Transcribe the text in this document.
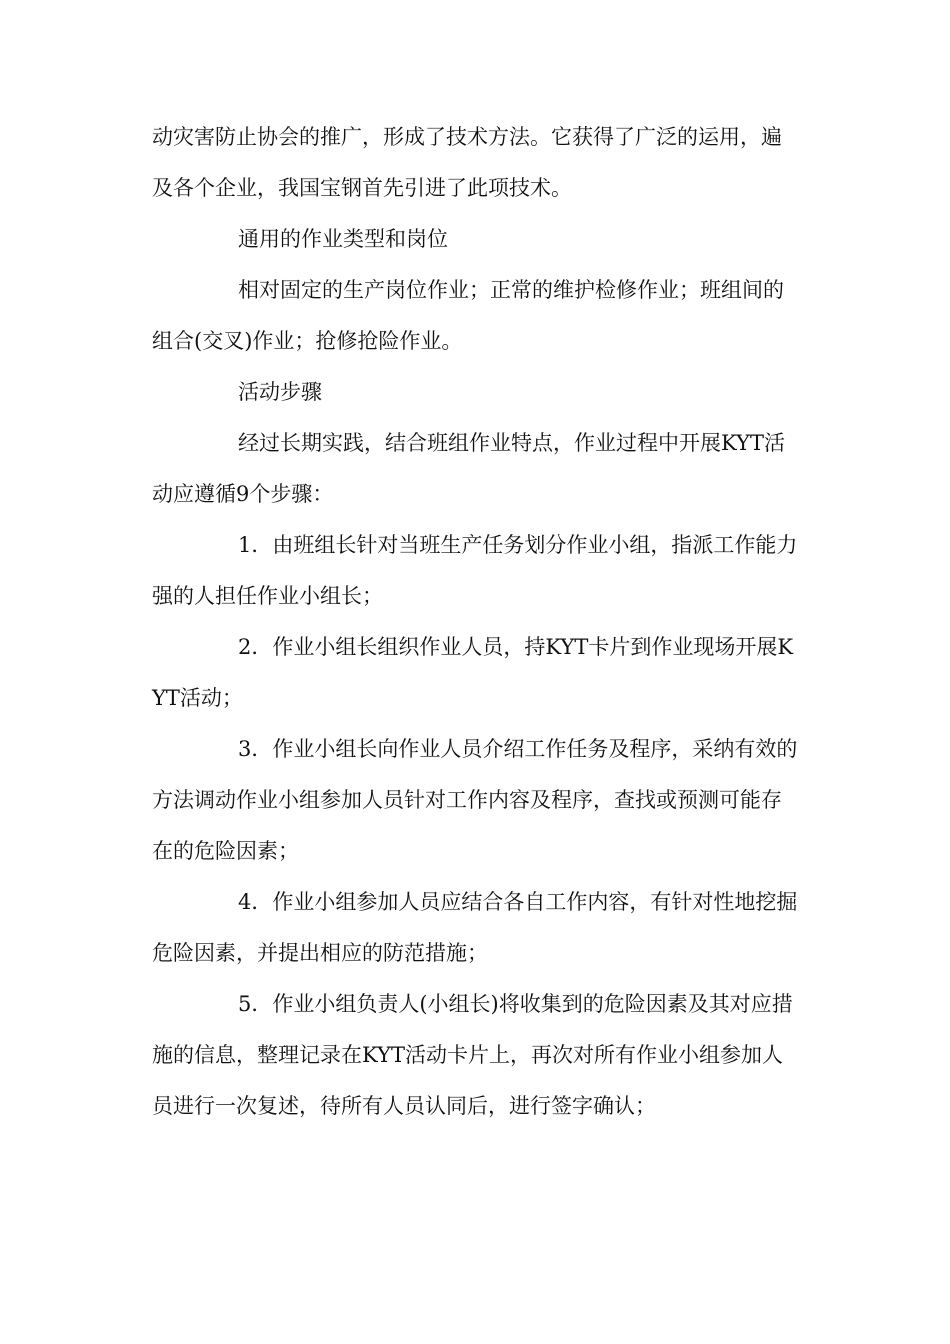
动灾害防止协会的推广，形成了技术方法。它获得了广泛的运用，遍及各个企业，我国宝钢首先引进了此项技术。

通用的作业类型和岗位

相对固定的生产岗位作业；正常的维护检修作业；班组间的组合(交叉)作业；抢修抢险作业。

活动步骤

经过长期实践，结合班组作业特点，作业过程中开展KYT活动应遵循9个步骤：

1．由班组长针对当班生产任务划分作业小组，指派工作能力强的人担任作业小组长；

2．作业小组长组织作业人员，持KYT卡片到作业现场开展KYT活动；

3．作业小组长向作业人员介绍工作任务及程序，采纳有效的方法调动作业小组参加人员针对工作内容及程序，查找或预测可能存在的危险因素；

4．作业小组参加人员应结合各自工作内容，有针对性地挖掘危险因素，并提出相应的防范措施；

5．作业小组负责人(小组长)将收集到的危险因素及其对应措施的信息，整理记录在KYT活动卡片上，再次对所有作业小组参加人员进行一次复述，待所有人员认同后，进行签字确认；
